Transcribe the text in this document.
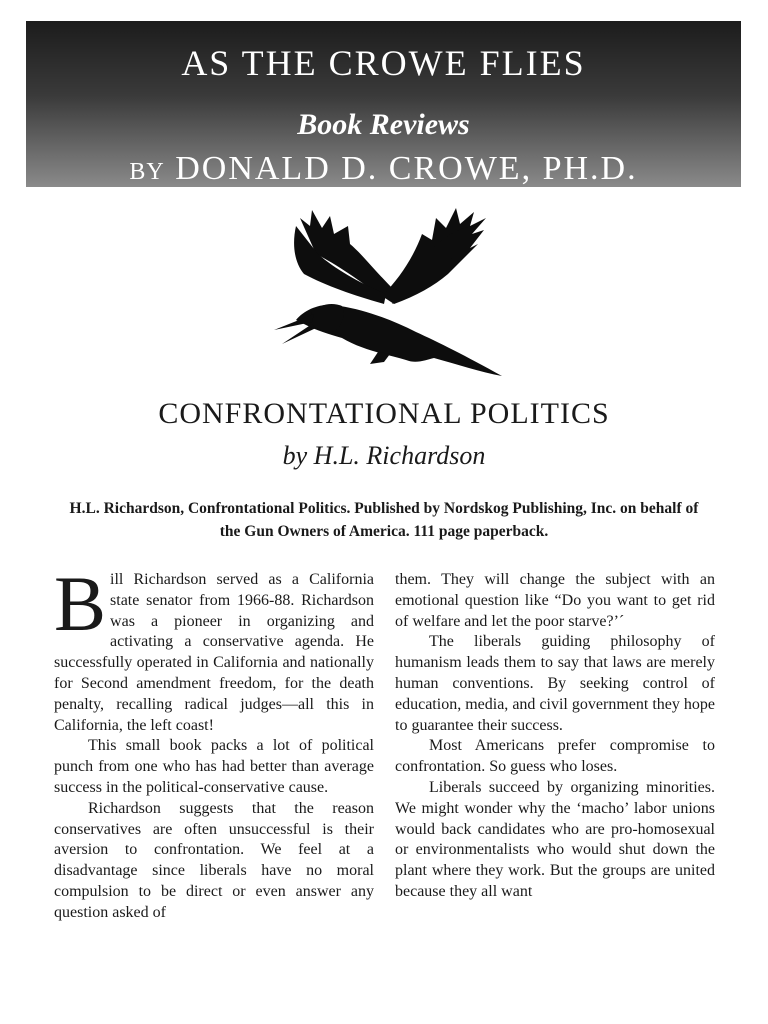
AS THE CROWE FLIES
Book Reviews
BY DONALD D. CROWE, PH.D.
CONFRONTATIONAL POLITICS
by H.L. Richardson
H.L. Richardson, Confrontational Politics. Published by Nordskog Publishing, Inc. on behalf of the Gun Owners of America. 111 page paperback.

Bill Richardson served as a California state senator from 1966-88. Richardson was a pioneer in organizing and activating a conservative agenda. He successfully operated in California and nationally for Second amendment freedom, for the death penalty, recalling radical judges—all this in California, the left coast!

This small book packs a lot of political punch from one who has had better than average success in the political-conservative cause.

Richardson suggests that the reason conservatives are often unsuccessful is their aversion to confrontation. We feel at a disadvantage since liberals have no moral compulsion to be direct or even answer any question asked of

them. They will change the subject with an emotional question like “Do you want to get rid of welfare and let the poor starve?’´

The liberals guiding philosophy of humanism leads them to say that laws are merely human conventions. By seeking control of education, media, and civil government they hope to guarantee their success.

Most Americans prefer compromise to confrontation. So guess who loses.

Liberals succeed by organizing minorities. We might wonder why the ‘macho’ labor unions would back candidates who are pro-homosexual or environmentalists who would shut down the plant where they work. But the groups are united because they all want
